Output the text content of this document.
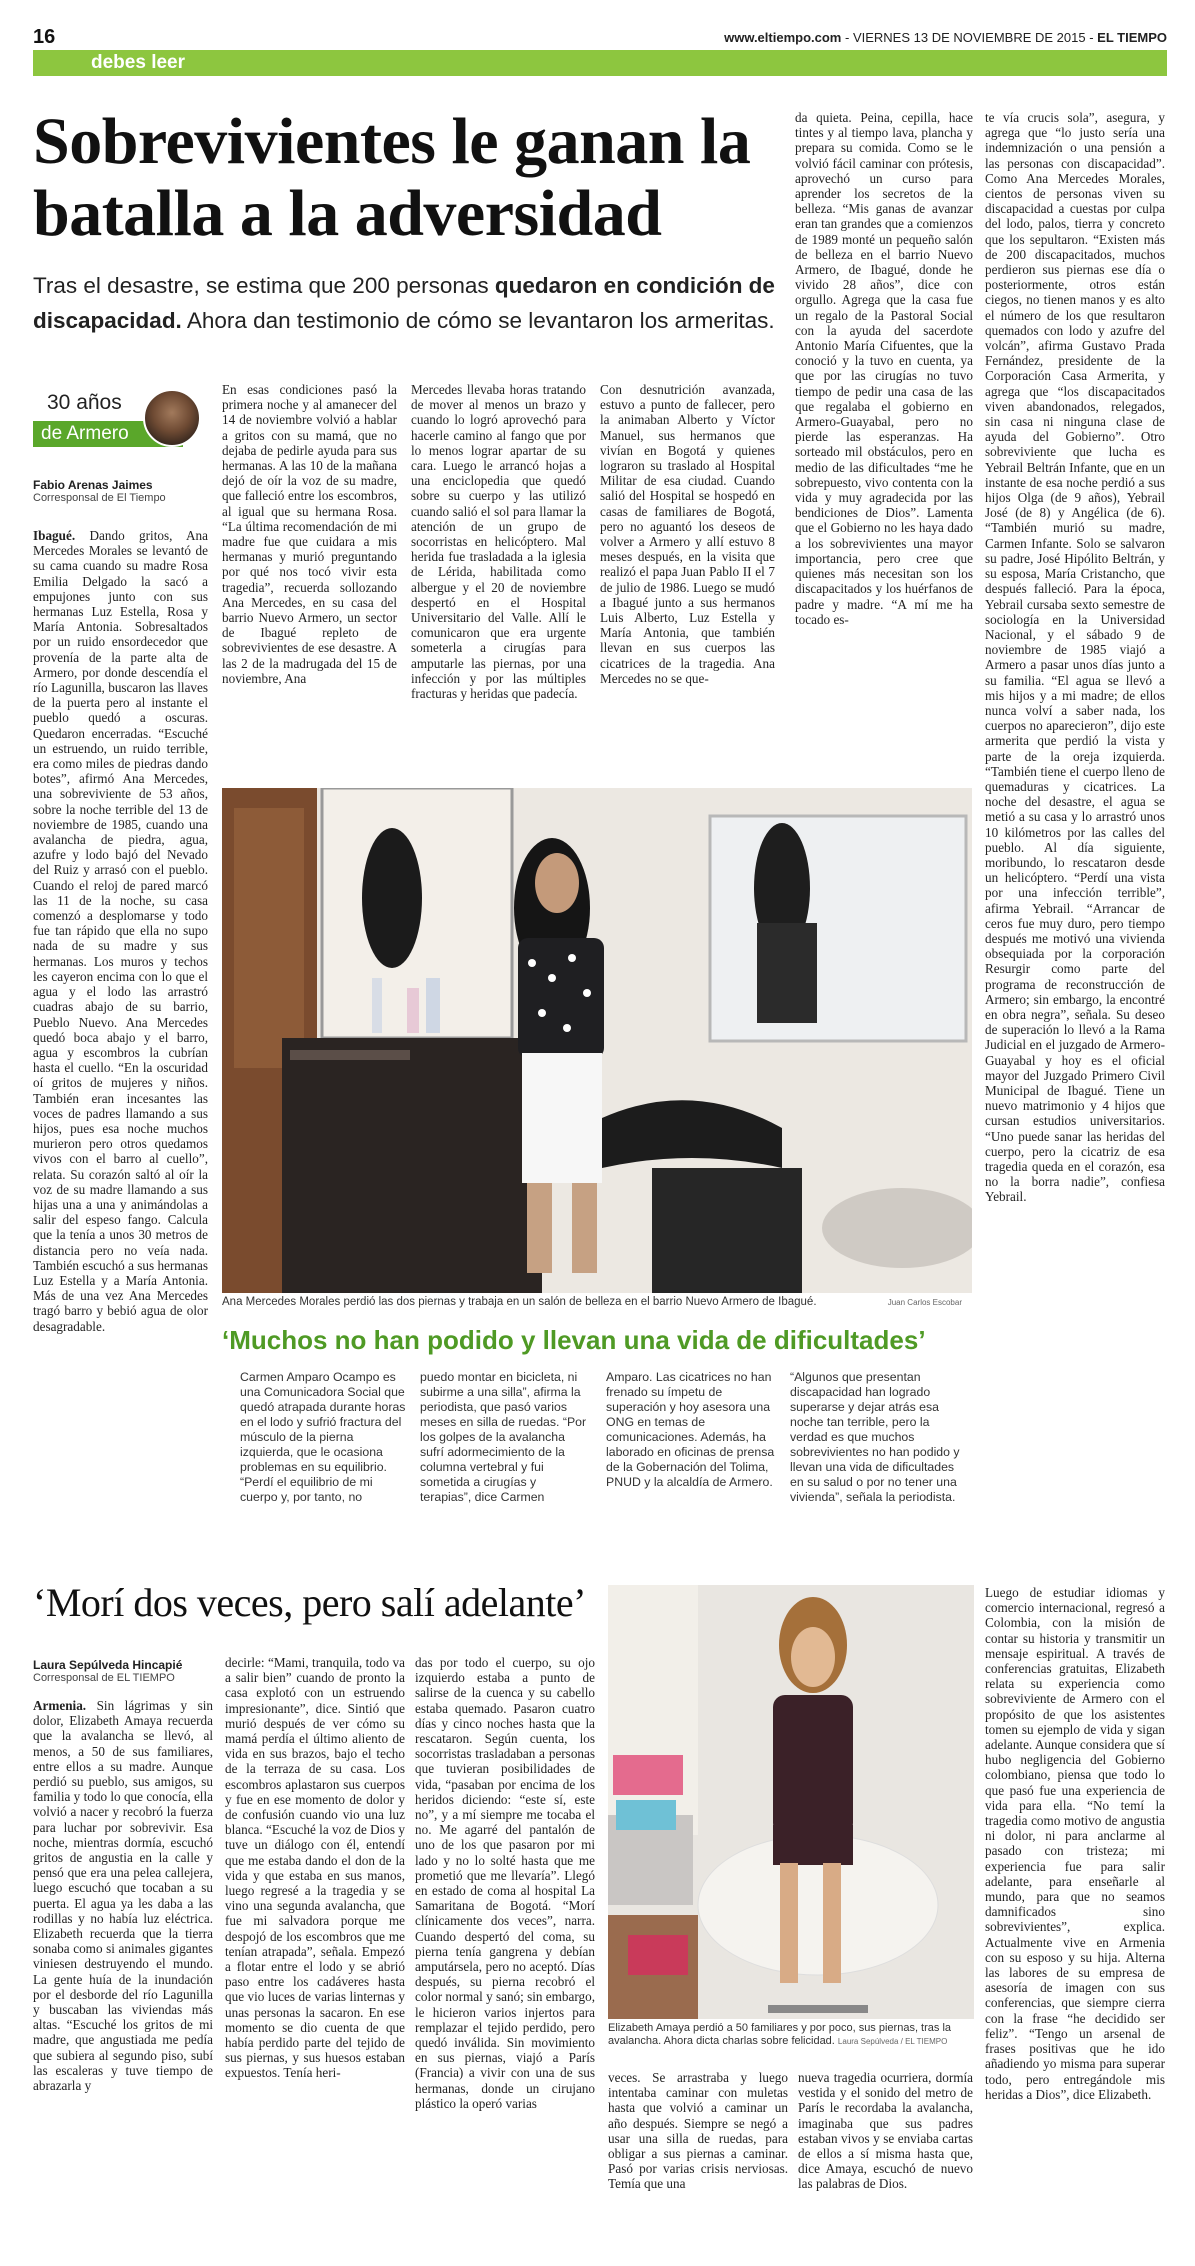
16	www.eltiempo.com - VIERNES 13 DE NOVIEMBRE DE 2015 - EL TIEMPO
debes leer
Sobrevivientes le ganan la batalla a la adversidad
Tras el desastre, se estima que 200 personas quedaron en condición de discapacidad. Ahora dan testimonio de cómo se levantaron los armeritas.
30 años
de Armero
Fabio Arenas Jaimes
Corresponsal de El Tiempo
Ibagué. Dando gritos, Ana Mercedes Morales se levantó de su cama cuando su madre Rosa Emilia Delgado la sacó a empujones junto con sus hermanas Luz Estella, Rosa y María Antonia. Sobresaltados por un ruido ensordecedor que provenía de la parte alta de Armero, por donde descendía el río Lagunilla, buscaron las llaves de la puerta pero al instante el pueblo quedó a oscuras. Quedaron encerradas. “Escuché un estruendo, un ruido terrible, era como miles de piedras dando botes”, afirmó Ana Mercedes, una sobreviviente de 53 años, sobre la noche terrible del 13 de noviembre de 1985, cuando una avalancha de piedra, agua, azufre y lodo bajó del Nevado del Ruiz y arrasó con el pueblo. Cuando el reloj de pared marcó las 11 de la noche, su casa comenzó a desplomarse y todo fue tan rápido que ella no supo nada de su madre y sus hermanas. Los muros y techos les cayeron encima con lo que el agua y el lodo las arrastró cuadras abajo de su barrio, Pueblo Nuevo. Ana Mercedes quedó boca abajo y el barro, agua y escombros la cubrían hasta el cuello. “En la oscuridad oí gritos de mujeres y niños. También eran incesantes las voces de padres llamando a sus hijos, pues esa noche muchos murieron pero otros quedamos vivos con el barro al cuello”, relata. Su corazón saltó al oír la voz de su madre llamando a sus hijas una a una y animándolas a salir del espeso fango. Calcula que la tenía a unos 30 metros de distancia pero no veía nada. También escuchó a sus hermanas Luz Estella y a María Antonia. Más de una vez Ana Mercedes tragó barro y bebió agua de olor desagradable.
En esas condiciones pasó la primera noche y al amanecer del 14 de noviembre volvió a hablar a gritos con su mamá, que no dejaba de pedirle ayuda para sus hermanas. A las 10 de la mañana dejó de oír la voz de su madre, que falleció entre los escombros, al igual que su hermana Rosa. “La última recomendación de mi madre fue que cuidara a mis hermanas y murió preguntando por qué nos tocó vivir esta tragedia”, recuerda sollozando Ana Mercedes, en su casa del barrio Nuevo Armero, un sector de Ibagué repleto de sobrevivientes de ese desastre. A las 2 de la madrugada del 15 de noviembre, Ana
Mercedes llevaba horas tratando de mover al menos un brazo y cuando lo logró aprovechó para hacerle camino al fango que por lo menos lograr apartar de su cara. Luego le arrancó hojas a una enciclopedia que quedó sobre su cuerpo y las utilizó cuando salió el sol para llamar la atención de un grupo de socorristas en helicóptero. Mal herida fue trasladada a la iglesia de Lérida, habilitada como albergue y el 20 de noviembre despertó en el Hospital Universitario del Valle. Allí le comunicaron que era urgente someterla a cirugías para amputarle las piernas, por una infección y por las múltiples fracturas y heridas que padecía.
Con desnutrición avanzada, estuvo a punto de fallecer, pero la animaban Alberto y Víctor Manuel, sus hermanos que vivían en Bogotá y quienes lograron su traslado al Hospital Militar de esa ciudad. Cuando salió del Hospital se hospedó en casas de familiares de Bogotá, pero no aguantó los deseos de volver a Armero y allí estuvo 8 meses después, en la visita que realizó el papa Juan Pablo II el 7 de julio de 1986. Luego se mudó a Ibagué junto a sus hermanos Luis Alberto, Luz Estella y María Antonia, que también llevan en sus cuerpos las cicatrices de la tragedia. Ana Mercedes no se que-
da quieta. Peina, cepilla, hace tintes y al tiempo lava, plancha y prepara su comida. Como se le volvió fácil caminar con prótesis, aprovechó un curso para aprender los secretos de la belleza. “Mis ganas de avanzar eran tan grandes que a comienzos de 1989 monté un pequeño salón de belleza en el barrio Nuevo Armero, de Ibagué, donde he vivido 28 años”, dice con orgullo. Agrega que la casa fue un regalo de la Pastoral Social con la ayuda del sacerdote Antonio María Cifuentes, que la conoció y la tuvo en cuenta, ya que por las cirugías no tuvo tiempo de pedir una casa de las que regalaba el gobierno en Armero-Guayabal, pero no pierde las esperanzas. Ha sorteado mil obstáculos, pero en medio de las dificultades “me he sobrepuesto, vivo contenta con la vida y muy agradecida por las bendiciones de Dios”. Lamenta que el Gobierno no les haya dado a los sobrevivientes una mayor importancia, pero cree que quienes más necesitan son los discapacitados y los huérfanos de padre y madre. “A mí me ha tocado es-
te vía crucis sola”, asegura, y agrega que “lo justo sería una indemnización o una pensión a las personas con discapacidad”. Como Ana Mercedes Morales, cientos de personas viven su discapacidad a cuestas por culpa del lodo, palos, tierra y concreto que los sepultaron. “Existen más de 200 discapacitados, muchos perdieron sus piernas ese día o posteriormente, otros están ciegos, no tienen manos y es alto el número de los que resultaron quemados con lodo y azufre del volcán”, afirma Gustavo Prada Fernández, presidente de la Corporación Casa Armerita, y agrega que “los discapacitados viven abandonados, relegados, sin casa ni ninguna clase de ayuda del Gobierno”. Otro sobreviviente que lucha es Yebrail Beltrán Infante, que en un instante de esa noche perdió a sus hijos Olga (de 9 años), Yebrail José (de 8) y Angélica (de 6). “También murió su madre, Carmen Infante. Solo se salvaron su padre, José Hipólito Beltrán, y su esposa, María Cristancho, que después falleció. Para la época, Yebrail cursaba sexto semestre de sociología en la Universidad Nacional, y el sábado 9 de noviembre de 1985 viajó a Armero a pasar unos días junto a su familia. “El agua se llevó a mis hijos y a mi madre; de ellos nunca volví a saber nada, los cuerpos no aparecieron”, dijo este armerita que perdió la vista y parte de la oreja izquierda. “También tiene el cuerpo lleno de quemaduras y cicatrices. La noche del desastre, el agua se metió a su casa y lo arrastró unos 10 kilómetros por las calles del pueblo. Al día siguiente, moribundo, lo rescataron desde un helicóptero. “Perdí una vista por una infección terrible”, afirma Yebrail. “Arrancar de ceros fue muy duro, pero tiempo después me motivó una vivienda obsequiada por la corporación Resurgir como parte del programa de reconstrucción de Armero; sin embargo, la encontré en obra negra”, señala. Su deseo de superación lo llevó a la Rama Judicial en el juzgado de Armero-Guayabal y hoy es el oficial mayor del Juzgado Primero Civil Municipal de Ibagué. Tiene un nuevo matrimonio y 4 hijos que cursan estudios universitarios. “Uno puede sanar las heridas del cuerpo, pero la cicatriz de esa tragedia queda en el corazón, esa no la borra nadie”, confiesa Yebrail.
Ana Mercedes Morales perdió las dos piernas y trabaja en un salón de belleza en el barrio Nuevo Armero de Ibagué.	Juan Carlos Escobar
‘Muchos no han podido y llevan una vida de dificultades’
Carmen Amparo Ocampo es una Comunicadora Social que quedó atrapada durante horas en el lodo y sufrió fractura del músculo de la pierna izquierda, que le ocasiona problemas en su equilibrio. “Perdí el equilibrio de mi cuerpo y, por tanto, no
puedo montar en bicicleta, ni subirme a una silla”, afirma la periodista, que pasó varios meses en silla de ruedas. “Por los golpes de la avalancha sufrí adormecimiento de la columna vertebral y fui sometida a cirugías y terapias”, dice Carmen
Amparo. Las cicatrices no han frenado su ímpetu de superación y hoy asesora una ONG en temas de comunicaciones. Además, ha laborado en oficinas de prensa de la Gobernación del Tolima, PNUD y la alcaldía de Armero.
“Algunos que presentan discapacidad han logrado superarse y dejar atrás esa noche tan terrible, pero la verdad es que muchos sobrevivientes no han podido y llevan una vida de dificultades en su salud o por no tener una vivienda”, señala la periodista.
‘Morí dos veces, pero salí adelante’
Laura Sepúlveda Hincapié
Corresponsal de EL TIEMPO
Armenia. Sin lágrimas y sin dolor, Elizabeth Amaya recuerda que la avalancha se llevó, al menos, a 50 de sus familiares, entre ellos a su madre. Aunque perdió su pueblo, sus amigos, su familia y todo lo que conocía, ella volvió a nacer y recobró la fuerza para luchar por sobrevivir. Esa noche, mientras dormía, escuchó gritos de angustia en la calle y pensó que era una pelea callejera, luego escuchó que tocaban a su puerta. El agua ya les daba a las rodillas y no había luz eléctrica. Elizabeth recuerda que la tierra sonaba como si animales gigantes viniesen destruyendo el mundo. La gente huía de la inundación por el desborde del río Lagunilla y buscaban las viviendas más altas. “Escuché los gritos de mi madre, que angustiada me pedía que subiera al segundo piso, subí las escaleras y tuve tiempo de abrazarla y
decirle: “Mami, tranquila, todo va a salir bien” cuando de pronto la casa explotó con un estruendo impresionante”, dice. Sintió que murió después de ver cómo su mamá perdía el último aliento de vida en sus brazos, bajo el techo de la terraza de su casa. Los escombros aplastaron sus cuerpos y fue en ese momento de dolor y de confusión cuando vio una luz blanca. “Escuché la voz de Dios y tuve un diálogo con él, entendí que me estaba dando el don de la vida y que estaba en sus manos, luego regresé a la tragedia y se vino una segunda avalancha, que fue mi salvadora porque me despojó de los escombros que me tenían atrapada”, señala. Empezó a flotar entre el lodo y se abrió paso entre los cadáveres hasta que vio luces de varias linternas y unas personas la sacaron. En ese momento se dio cuenta de que había perdido parte del tejido de sus piernas, y sus huesos estaban expuestos. Tenía heri-
das por todo el cuerpo, su ojo izquierdo estaba a punto de salirse de la cuenca y su cabello estaba quemado. Pasaron cuatro días y cinco noches hasta que la rescataron. Según cuenta, los socorristas trasladaban a personas que tuvieran posibilidades de vida, “pasaban por encima de los heridos diciendo: “este sí, este no”, y a mí siempre me tocaba el no. Me agarré del pantalón de uno de los que pasaron por mi lado y no lo solté hasta que me prometió que me llevaría”. Llegó en estado de coma al hospital La Samaritana de Bogotá. “Morí clínicamente dos veces”, narra. Cuando despertó del coma, su pierna tenía gangrena y debían amputársela, pero no aceptó. Días después, su pierna recobró el color normal y sanó; sin embargo, le hicieron varios injertos para remplazar el tejido perdido, pero quedó inválida. Sin movimiento en sus piernas, viajó a París (Francia) a vivir con una de sus hermanas, donde un cirujano plástico la operó varias
veces. Se arrastraba y luego intentaba caminar con muletas hasta que volvió a caminar un año después. Siempre se negó a usar una silla de ruedas, para obligar a sus piernas a caminar. Pasó por varias crisis nerviosas. Temía que una
nueva tragedia ocurriera, dormía vestida y el sonido del metro de París le recordaba la avalancha, imaginaba que sus padres estaban vivos y se enviaba cartas de ellos a sí misma hasta que, dice Amaya, escuchó de nuevo las palabras de Dios.
Luego de estudiar idiomas y comercio internacional, regresó a Colombia, con la misión de contar su historia y transmitir un mensaje espiritual. A través de conferencias gratuitas, Elizabeth relata su experiencia como sobreviviente de Armero con el propósito de que los asistentes tomen su ejemplo de vida y sigan adelante. Aunque considera que sí hubo negligencia del Gobierno colombiano, piensa que todo lo que pasó fue una experiencia de vida para ella. “No temí la tragedia como motivo de angustia ni dolor, ni para anclarme al pasado con tristeza; mi experiencia fue para salir adelante, para enseñarle al mundo, para que no seamos damnificados sino sobrevivientes”, explica. Actualmente vive en Armenia con su esposo y su hija. Alterna las labores de su empresa de asesoría de imagen con sus conferencias, que siempre cierra con la frase “he decidido ser feliz”. “Tengo un arsenal de frases positivas que he ido añadiendo yo misma para superar todo, pero entregándole mis heridas a Dios”, dice Elizabeth.
Elizabeth Amaya perdió a 50 familiares y por poco, sus piernas, tras la avalancha. Ahora dicta charlas sobre felicidad. Laura Sepúlveda / EL TIEMPO
